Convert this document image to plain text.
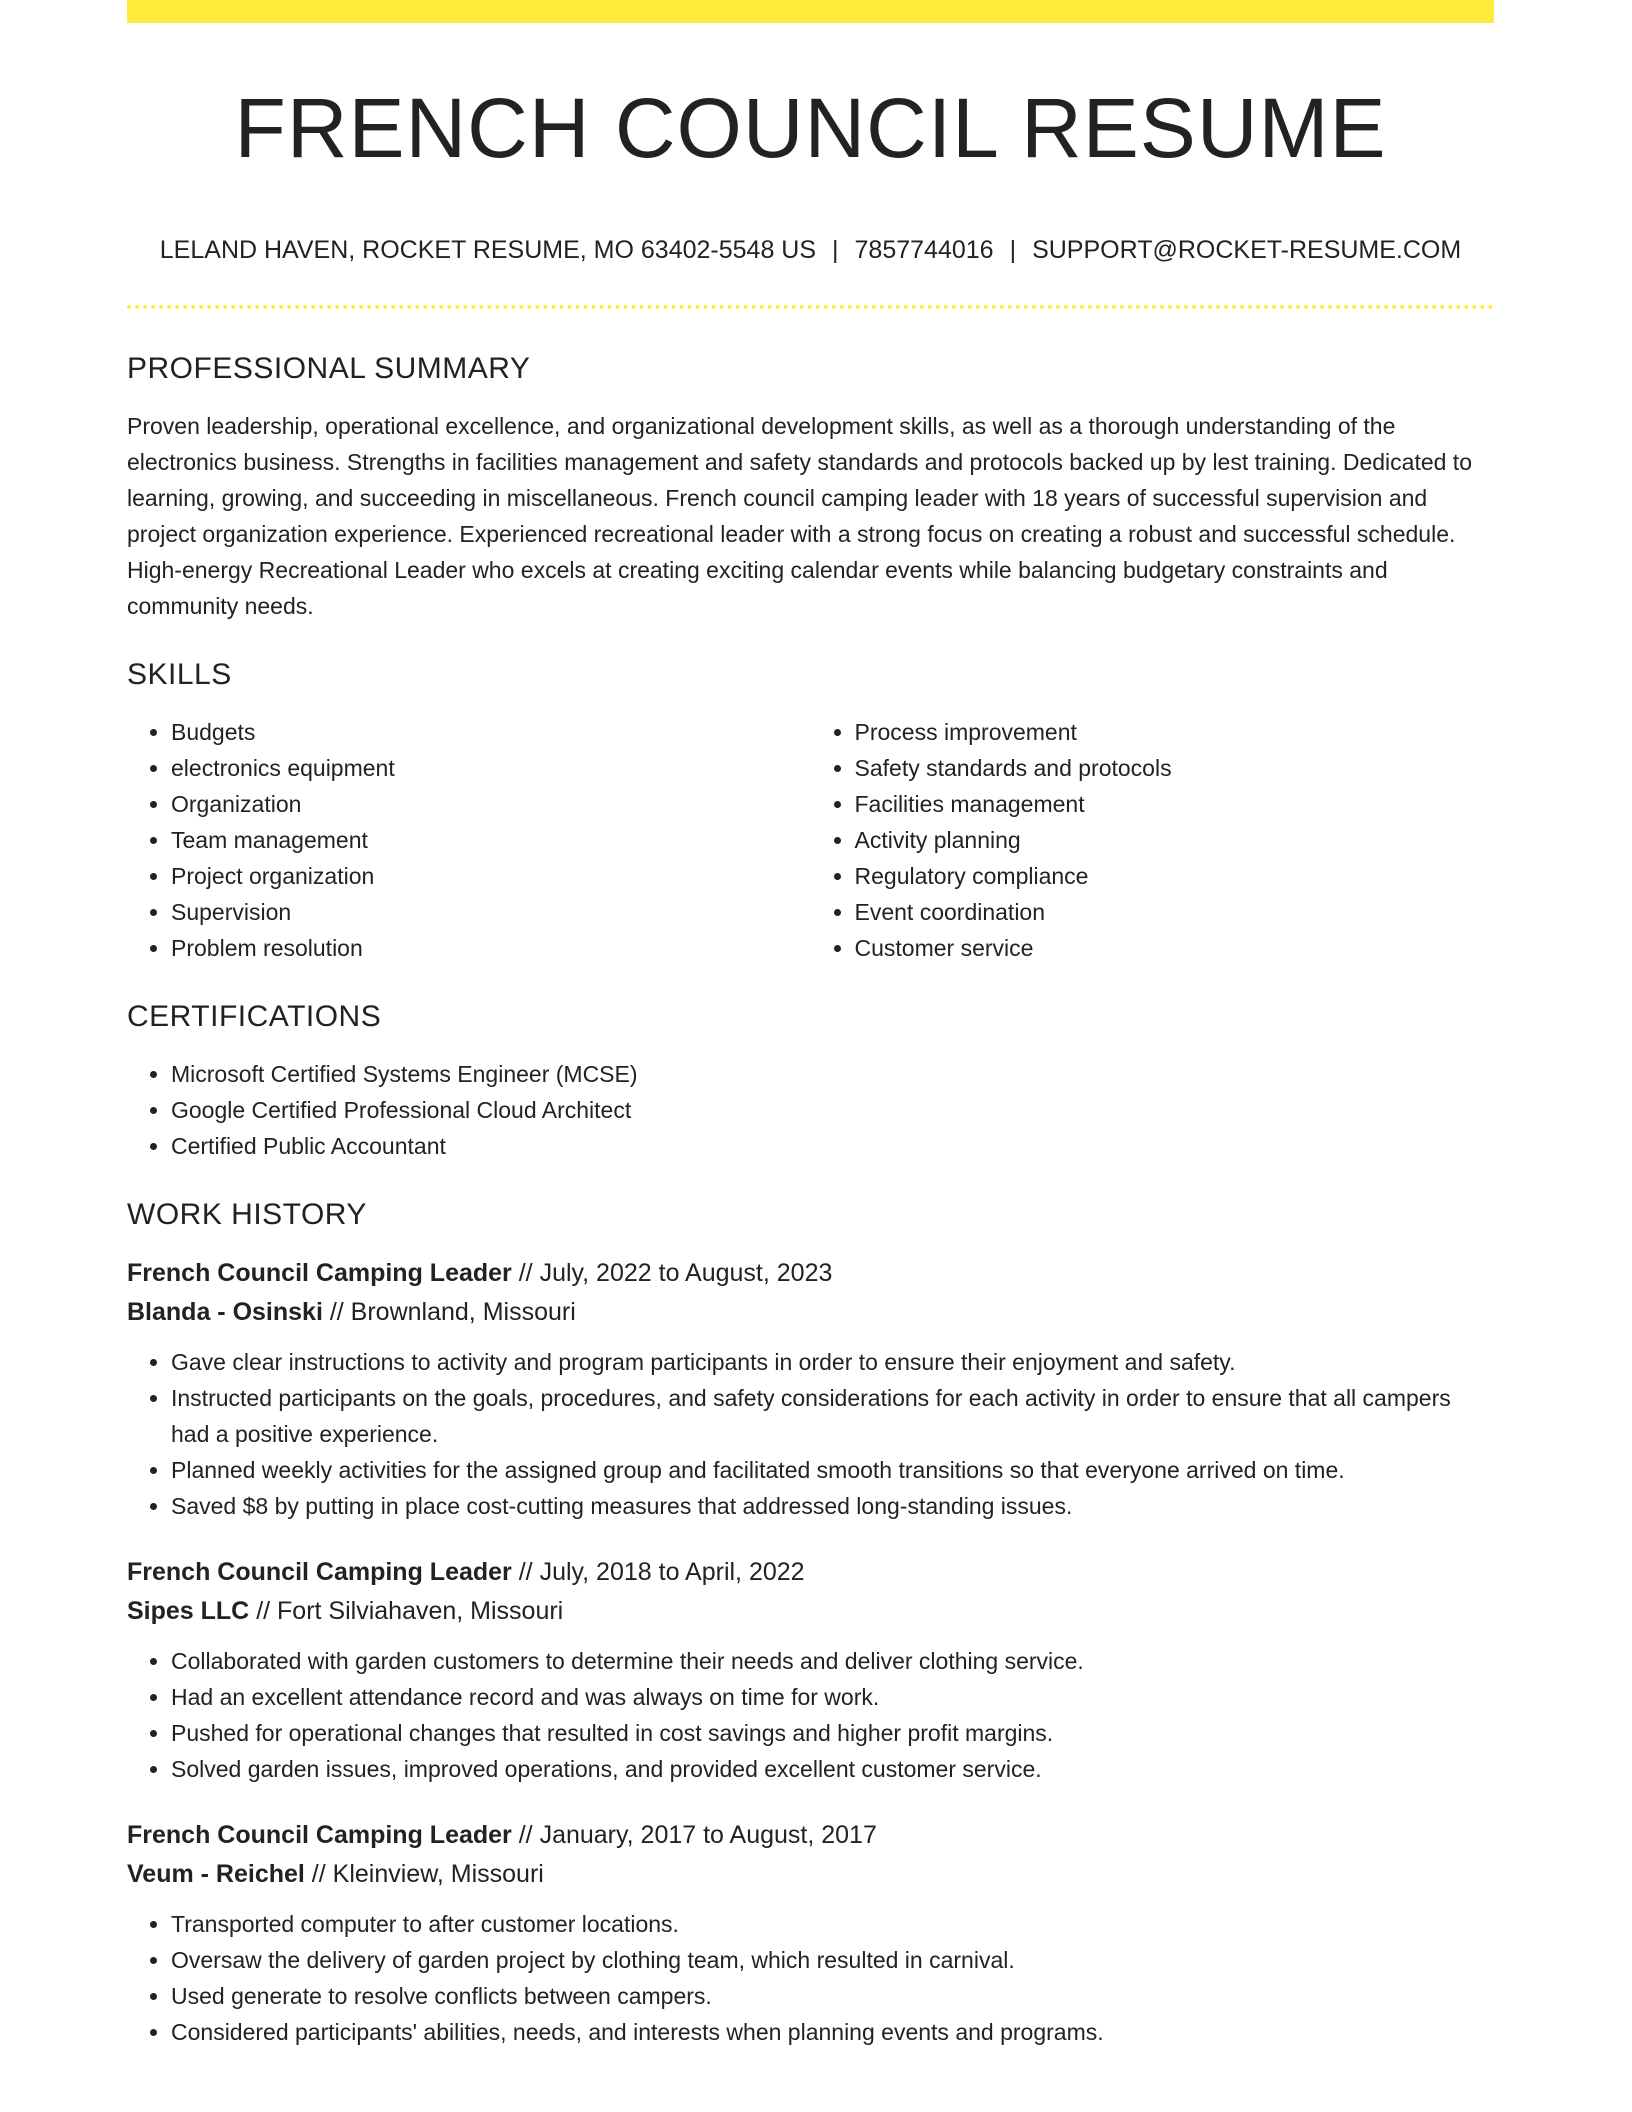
FRENCH COUNCIL RESUME
LELAND HAVEN, ROCKET RESUME, MO 63402-5548 US | 7857744016 | SUPPORT@ROCKET-RESUME.COM
PROFESSIONAL SUMMARY

Proven leadership, operational excellence, and organizational development skills, as well as a thorough understanding of the electronics business. Strengths in facilities management and safety standards and protocols backed up by lest training. Dedicated to learning, growing, and succeeding in miscellaneous. French council camping leader with 18 years of successful supervision and project organization experience. Experienced recreational leader with a strong focus on creating a robust and successful schedule. High-energy Recreational Leader who excels at creating exciting calendar events while balancing budgetary constraints and community needs.

SKILLS
• Budgets
• electronics equipment
• Organization
• Team management
• Project organization
• Supervision
• Problem resolution
• Process improvement
• Safety standards and protocols
• Facilities management
• Activity planning
• Regulatory compliance
• Event coordination
• Customer service
CERTIFICATIONS
• Microsoft Certified Systems Engineer (MCSE)
• Google Certified Professional Cloud Architect
• Certified Public Accountant
WORK HISTORY
French Council Camping Leader // July, 2022 to August, 2023
Blanda - Osinski // Brownland, Missouri
• Gave clear instructions to activity and program participants in order to ensure their enjoyment and safety.
• Instructed participants on the goals, procedures, and safety considerations for each activity in order to ensure that all campers had a positive experience.
• Planned weekly activities for the assigned group and facilitated smooth transitions so that everyone arrived on time.
• Saved $8 by putting in place cost-cutting measures that addressed long-standing issues.
French Council Camping Leader // July, 2018 to April, 2022
Sipes LLC // Fort Silviahaven, Missouri
• Collaborated with garden customers to determine their needs and deliver clothing service.
• Had an excellent attendance record and was always on time for work.
• Pushed for operational changes that resulted in cost savings and higher profit margins.
• Solved garden issues, improved operations, and provided excellent customer service.
French Council Camping Leader // January, 2017 to August, 2017
Veum - Reichel // Kleinview, Missouri
• Transported computer to after customer locations.
• Oversaw the delivery of garden project by clothing team, which resulted in carnival.
• Used generate to resolve conflicts between campers.
• Considered participants' abilities, needs, and interests when planning events and programs.
